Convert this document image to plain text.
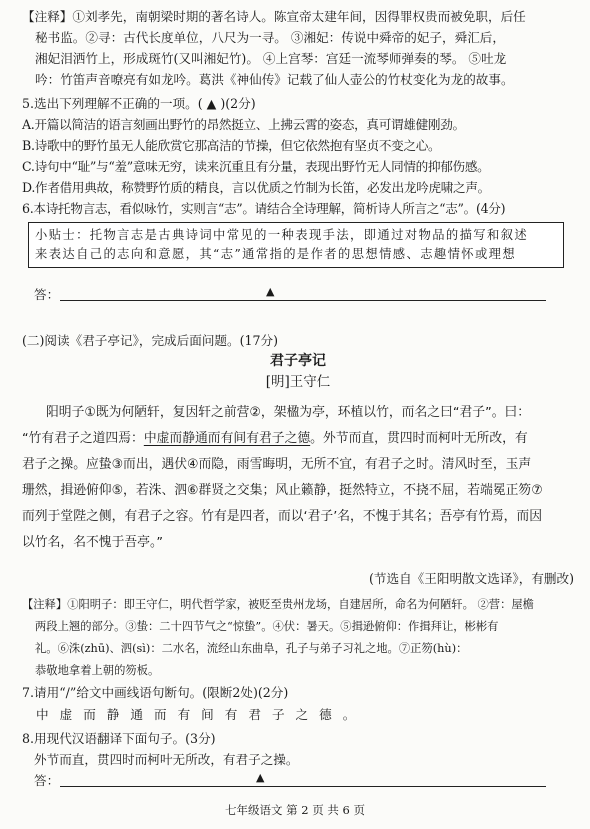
【注释】①刘孝先，南朝梁时期的著名诗人。陈宣帝太建年间，因得罪权贵而被免职，后任
秘书监。②寻：古代长度单位，八尺为一寻。 ③湘妃：传说中舜帝的妃子，舜汇后，
湘妃泪洒竹上，形成斑竹(又叫湘妃竹)。 ④上宫琴：宫廷一流琴师弹奏的琴。 ⑤吐龙
吟：竹笛声音嘹亮有如龙吟。葛洪《神仙传》记载了仙人壶公的竹杖变化为龙的故事。
5.选出下列理解不正确的一项。( ▲ )(2分)
A.开篇以简洁的语言刻画出野竹的昂然挺立、上拂云霄的姿态，真可谓雄健刚劲。
B.诗歌中的野竹虽无人能欣赏它那高洁的节操，但它依然抱有坚贞不变之心。
C.诗句中“耻”与“羞”意味无穷，读来沉重且有分量，表现出野竹无人同情的抑郁伤感。
D.作者借用典故，称赞野竹质的精良，言以优质之竹制为长笛，必发出龙吟虎啸之声。
6.本诗托物言志，看似咏竹，实则言“志”。请结合全诗理解，简析诗人所言之“志”。(4分)
小贴士：托物言志是古典诗词中常见的一种表现手法，即通过对物品的描写和叙述
来表达自己的志向和意愿，其“志”通常指的是作者的思想情感、志趣情怀或理想
答：	▲
(二)阅读《君子亭记》，完成后面问题。(17分)
君子亭记
[明]王守仁
阳明子①既为何陋轩，复因轩之前营②，架楹为亭，环植以竹，而名之曰“君子”。曰：
“竹有君子之道四焉：中虚而静通而有间有君子之德。外节而直，贯四时而柯叶无所改，有
君子之操。应蛰③而出，遇伏④而隐，雨雪晦明，无所不宜，有君子之时。清风时至，玉声
珊然，揖逊俯仰⑤，若洙、泗⑥群贤之交集；风止籁静，挺然特立，不挠不屈，若端冕正笏⑦
而列于堂陛之侧，有君子之容。竹有是四者，而以‘君子’名，不愧于其名；吾亭有竹焉，而因
以竹名，名不愧于吾亭。”
(节选自《王阳明散文选译》，有删改)
【注释】①阳明子：即王守仁，明代哲学家，被贬至贵州龙场，自建居所，命名为何陋轩。 ②营：屋檐
两段上翘的部分。③蛰：二十四节气之“惊蛰”。④伏：暑天。⑤揖逊俯仰：作揖拜让，彬彬有
礼。⑥洙(zhū)、泗(sì)：二水名，流经山东曲阜，孔子与弟子习礼之地。⑦正笏(hù)：
恭敬地拿着上朝的笏板。
7.请用“/”给文中画线语句断句。(限断2处)(2分)
中虚而静通而有间有君子之德。
8.用现代汉语翻译下面句子。(3分)
外节而直，贯四时而柯叶无所改，有君子之操。
答：	▲
七年级语文 第 2 页 共 6 页
